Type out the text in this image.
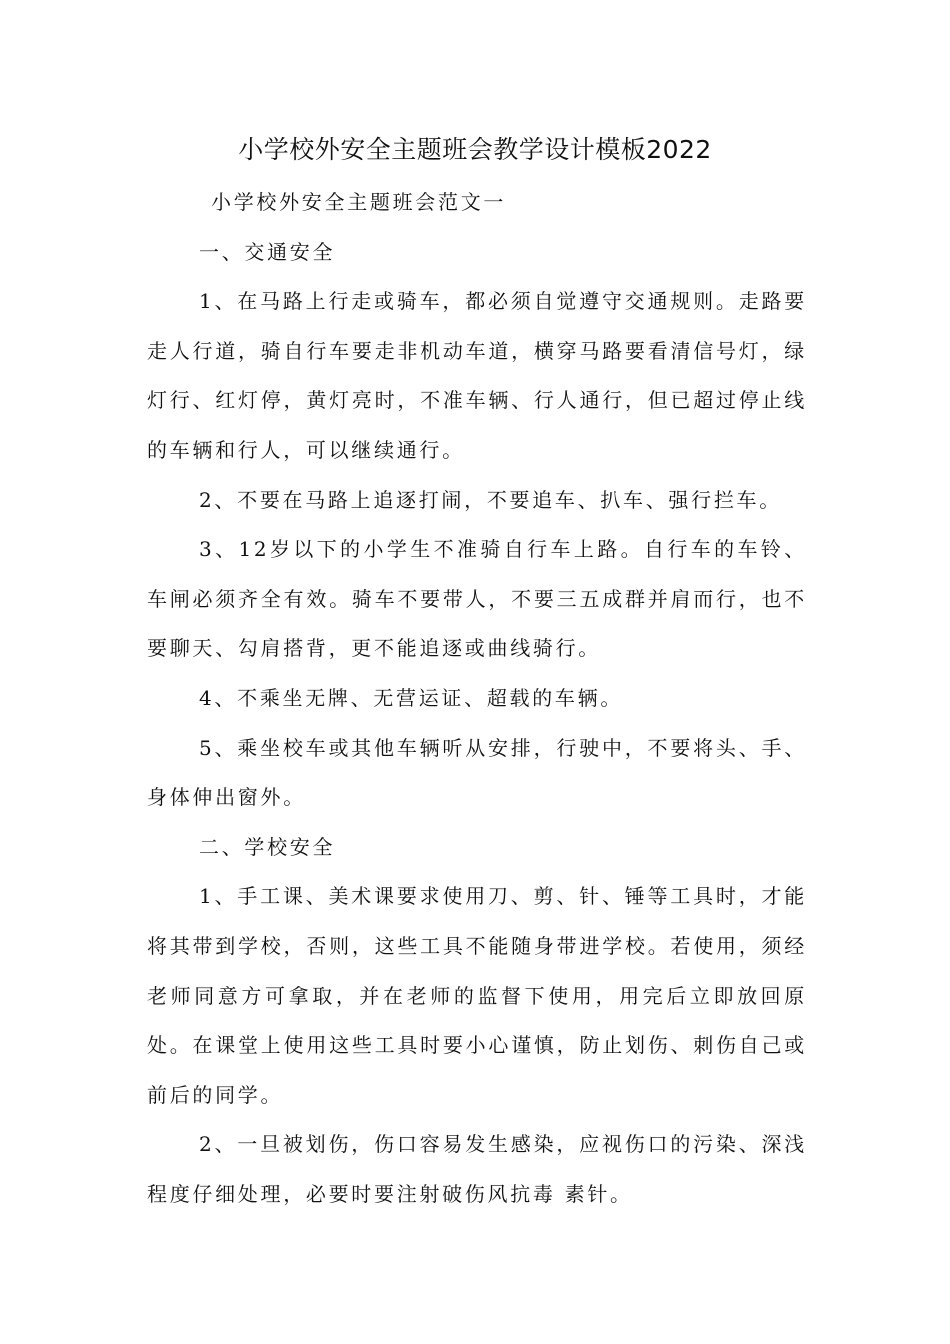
小学校外安全主题班会教学设计模板2022

小学校外安全主题班会范文一

一、交通安全

1、在马路上行走或骑车，都必须自觉遵守交通规则。走路要走人行道，骑自行车要走非机动车道，横穿马路要看清信号灯，绿灯行、红灯停，黄灯亮时，不准车辆、行人通行，但已超过停止线的车辆和行人，可以继续通行。

2、不要在马路上追逐打闹，不要追车、扒车、强行拦车。

3、12岁以下的小学生不准骑自行车上路。自行车的车铃、车闸必须齐全有效。骑车不要带人，不要三五成群并肩而行，也不要聊天、勾肩搭背，更不能追逐或曲线骑行。

4、不乘坐无牌、无营运证、超载的车辆。

5、乘坐校车或其他车辆听从安排，行驶中，不要将头、手、身体伸出窗外。

二、学校安全

1、手工课、美术课要求使用刀、剪、针、锤等工具时，才能将其带到学校，否则，这些工具不能随身带进学校。若使用，须经老师同意方可拿取，并在老师的监督下使用，用完后立即放回原处。在课堂上使用这些工具时要小心谨慎，防止划伤、刺伤自己或前后的同学。

2、一旦被划伤，伤口容易发生感染，应视伤口的污染、深浅程度仔细处理，必要时要注射破伤风抗毒 素针。
